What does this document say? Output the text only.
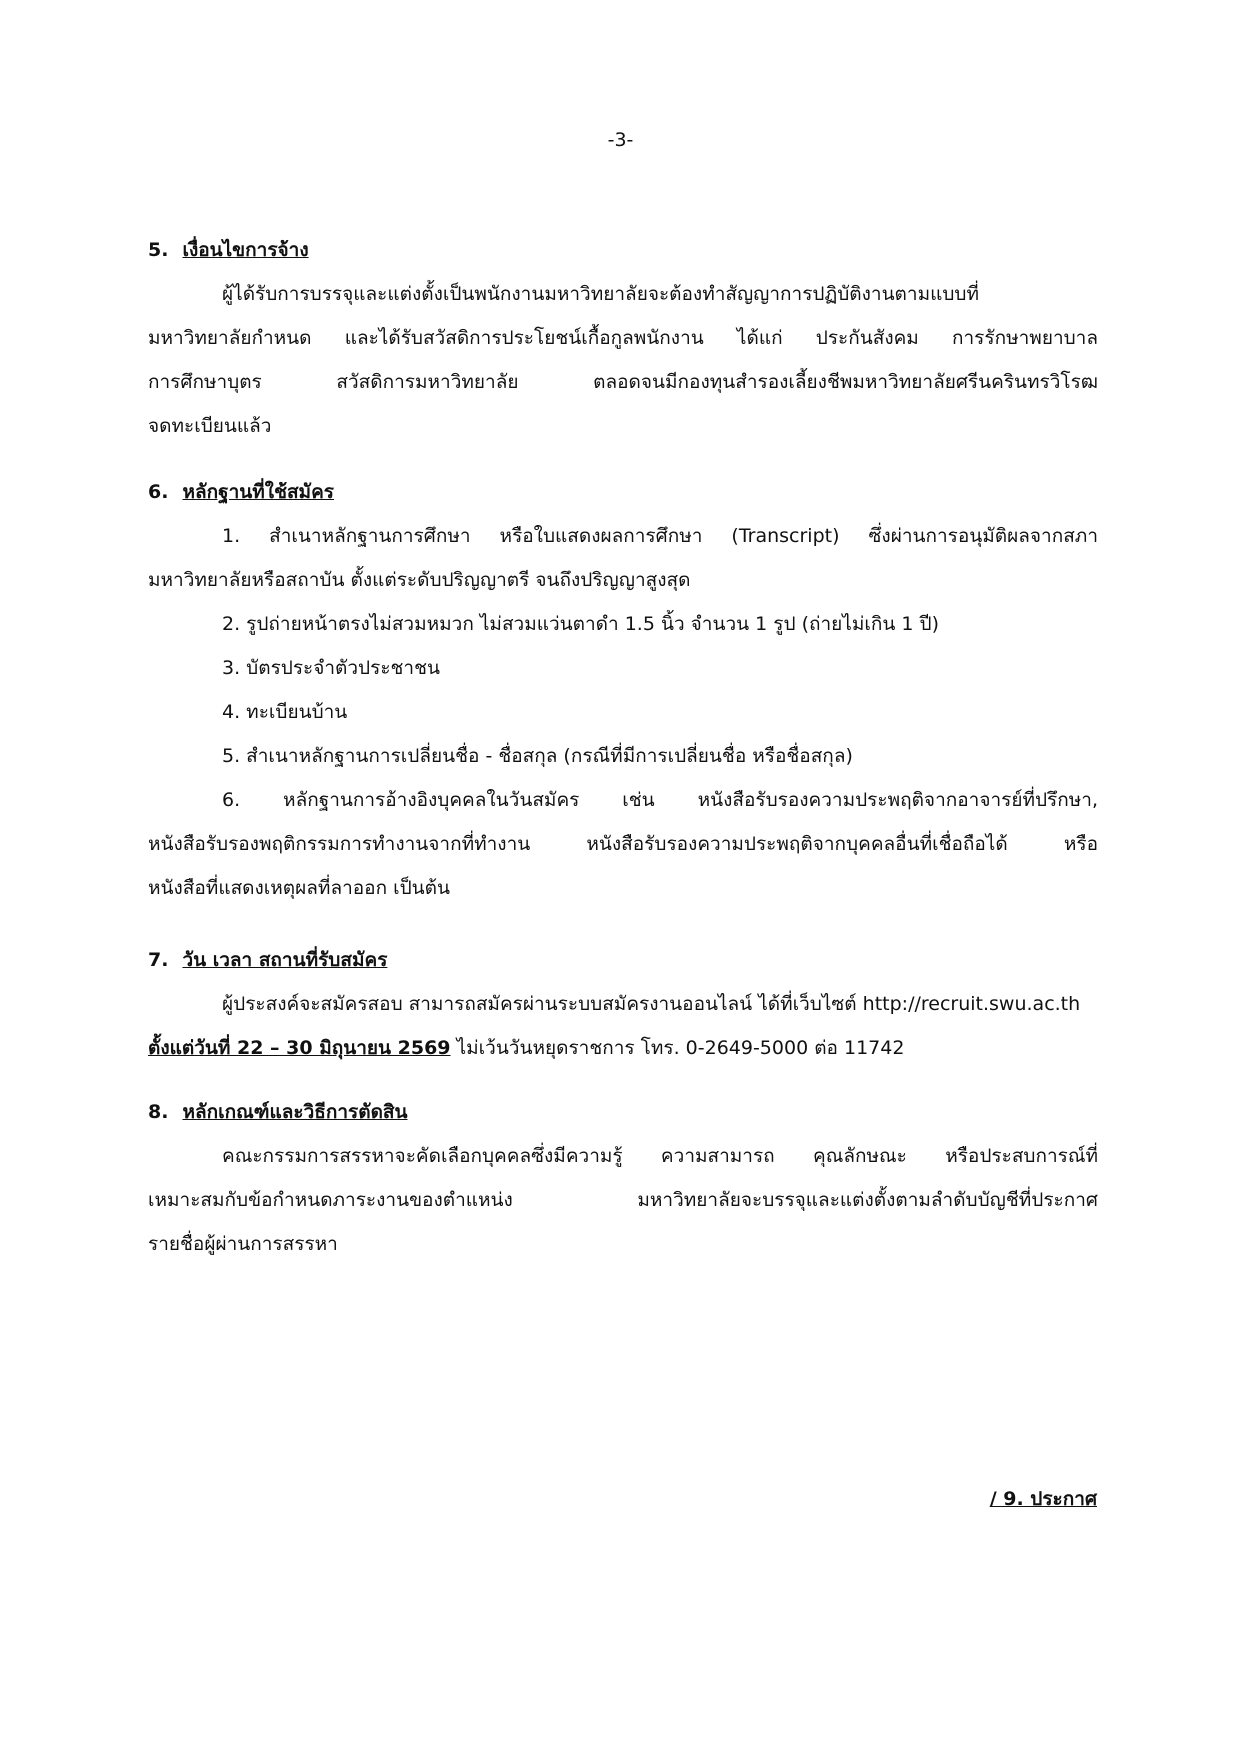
-3-
5. เงื่อนไขการจ้าง
ผู้ได้รับการบรรจุและแต่งตั้งเป็นพนักงานมหาวิทยาลัยจะต้องทำสัญญาการปฏิบัติงานตามแบบที่
มหาวิทยาลัยกำหนด และได้รับสวัสดิการประโยชน์เกื้อกูลพนักงาน ได้แก่ ประกันสังคม การรักษาพยาบาล
การศึกษาบุตร สวัสดิการมหาวิทยาลัย ตลอดจนมีกองทุนสำรองเลี้ยงชีพมหาวิทยาลัยศรีนครินทรวิโรฒ
จดทะเบียนแล้ว
6. หลักฐานที่ใช้สมัคร
1. สำเนาหลักฐานการศึกษา หรือใบแสดงผลการศึกษา (Transcript) ซึ่งผ่านการอนุมัติผลจากสภา
มหาวิทยาลัยหรือสถาบัน ตั้งแต่ระดับปริญญาตรี จนถึงปริญญาสูงสุด
2. รูปถ่ายหน้าตรงไม่สวมหมวก ไม่สวมแว่นตาดำ 1.5 นิ้ว จำนวน 1 รูป (ถ่ายไม่เกิน 1 ปี)
3. บัตรประจำตัวประชาชน
4. ทะเบียนบ้าน
5. สำเนาหลักฐานการเปลี่ยนชื่อ - ชื่อสกุล (กรณีที่มีการเปลี่ยนชื่อ หรือชื่อสกุล)
6. หลักฐานการอ้างอิงบุคคลในวันสมัคร เช่น หนังสือรับรองความประพฤติจากอาจารย์ที่ปรึกษา,
หนังสือรับรองพฤติกรรมการทำงานจากที่ทำงาน หนังสือรับรองความประพฤติจากบุคคลอื่นที่เชื่อถือได้ หรือ
หนังสือที่แสดงเหตุผลที่ลาออก เป็นต้น
7. วัน เวลา สถานที่รับสมัคร
ผู้ประสงค์จะสมัครสอบ สามารถสมัครผ่านระบบสมัครงานออนไลน์ ได้ที่เว็บไซต์ http://recruit.swu.ac.th
ตั้งแต่วันที่ 22 – 30 มิถุนายน 2569 ไม่เว้นวันหยุดราชการ โทร. 0-2649-5000 ต่อ 11742
8. หลักเกณฑ์และวิธีการตัดสิน
คณะกรรมการสรรหาจะคัดเลือกบุคคลซึ่งมีความรู้ ความสามารถ คุณลักษณะ หรือประสบการณ์ที่
เหมาะสมกับข้อกำหนดภาระงานของตำแหน่ง มหาวิทยาลัยจะบรรจุและแต่งตั้งตามลำดับบัญชีที่ประกาศ
รายชื่อผู้ผ่านการสรรหา
/ 9. ประกาศ
